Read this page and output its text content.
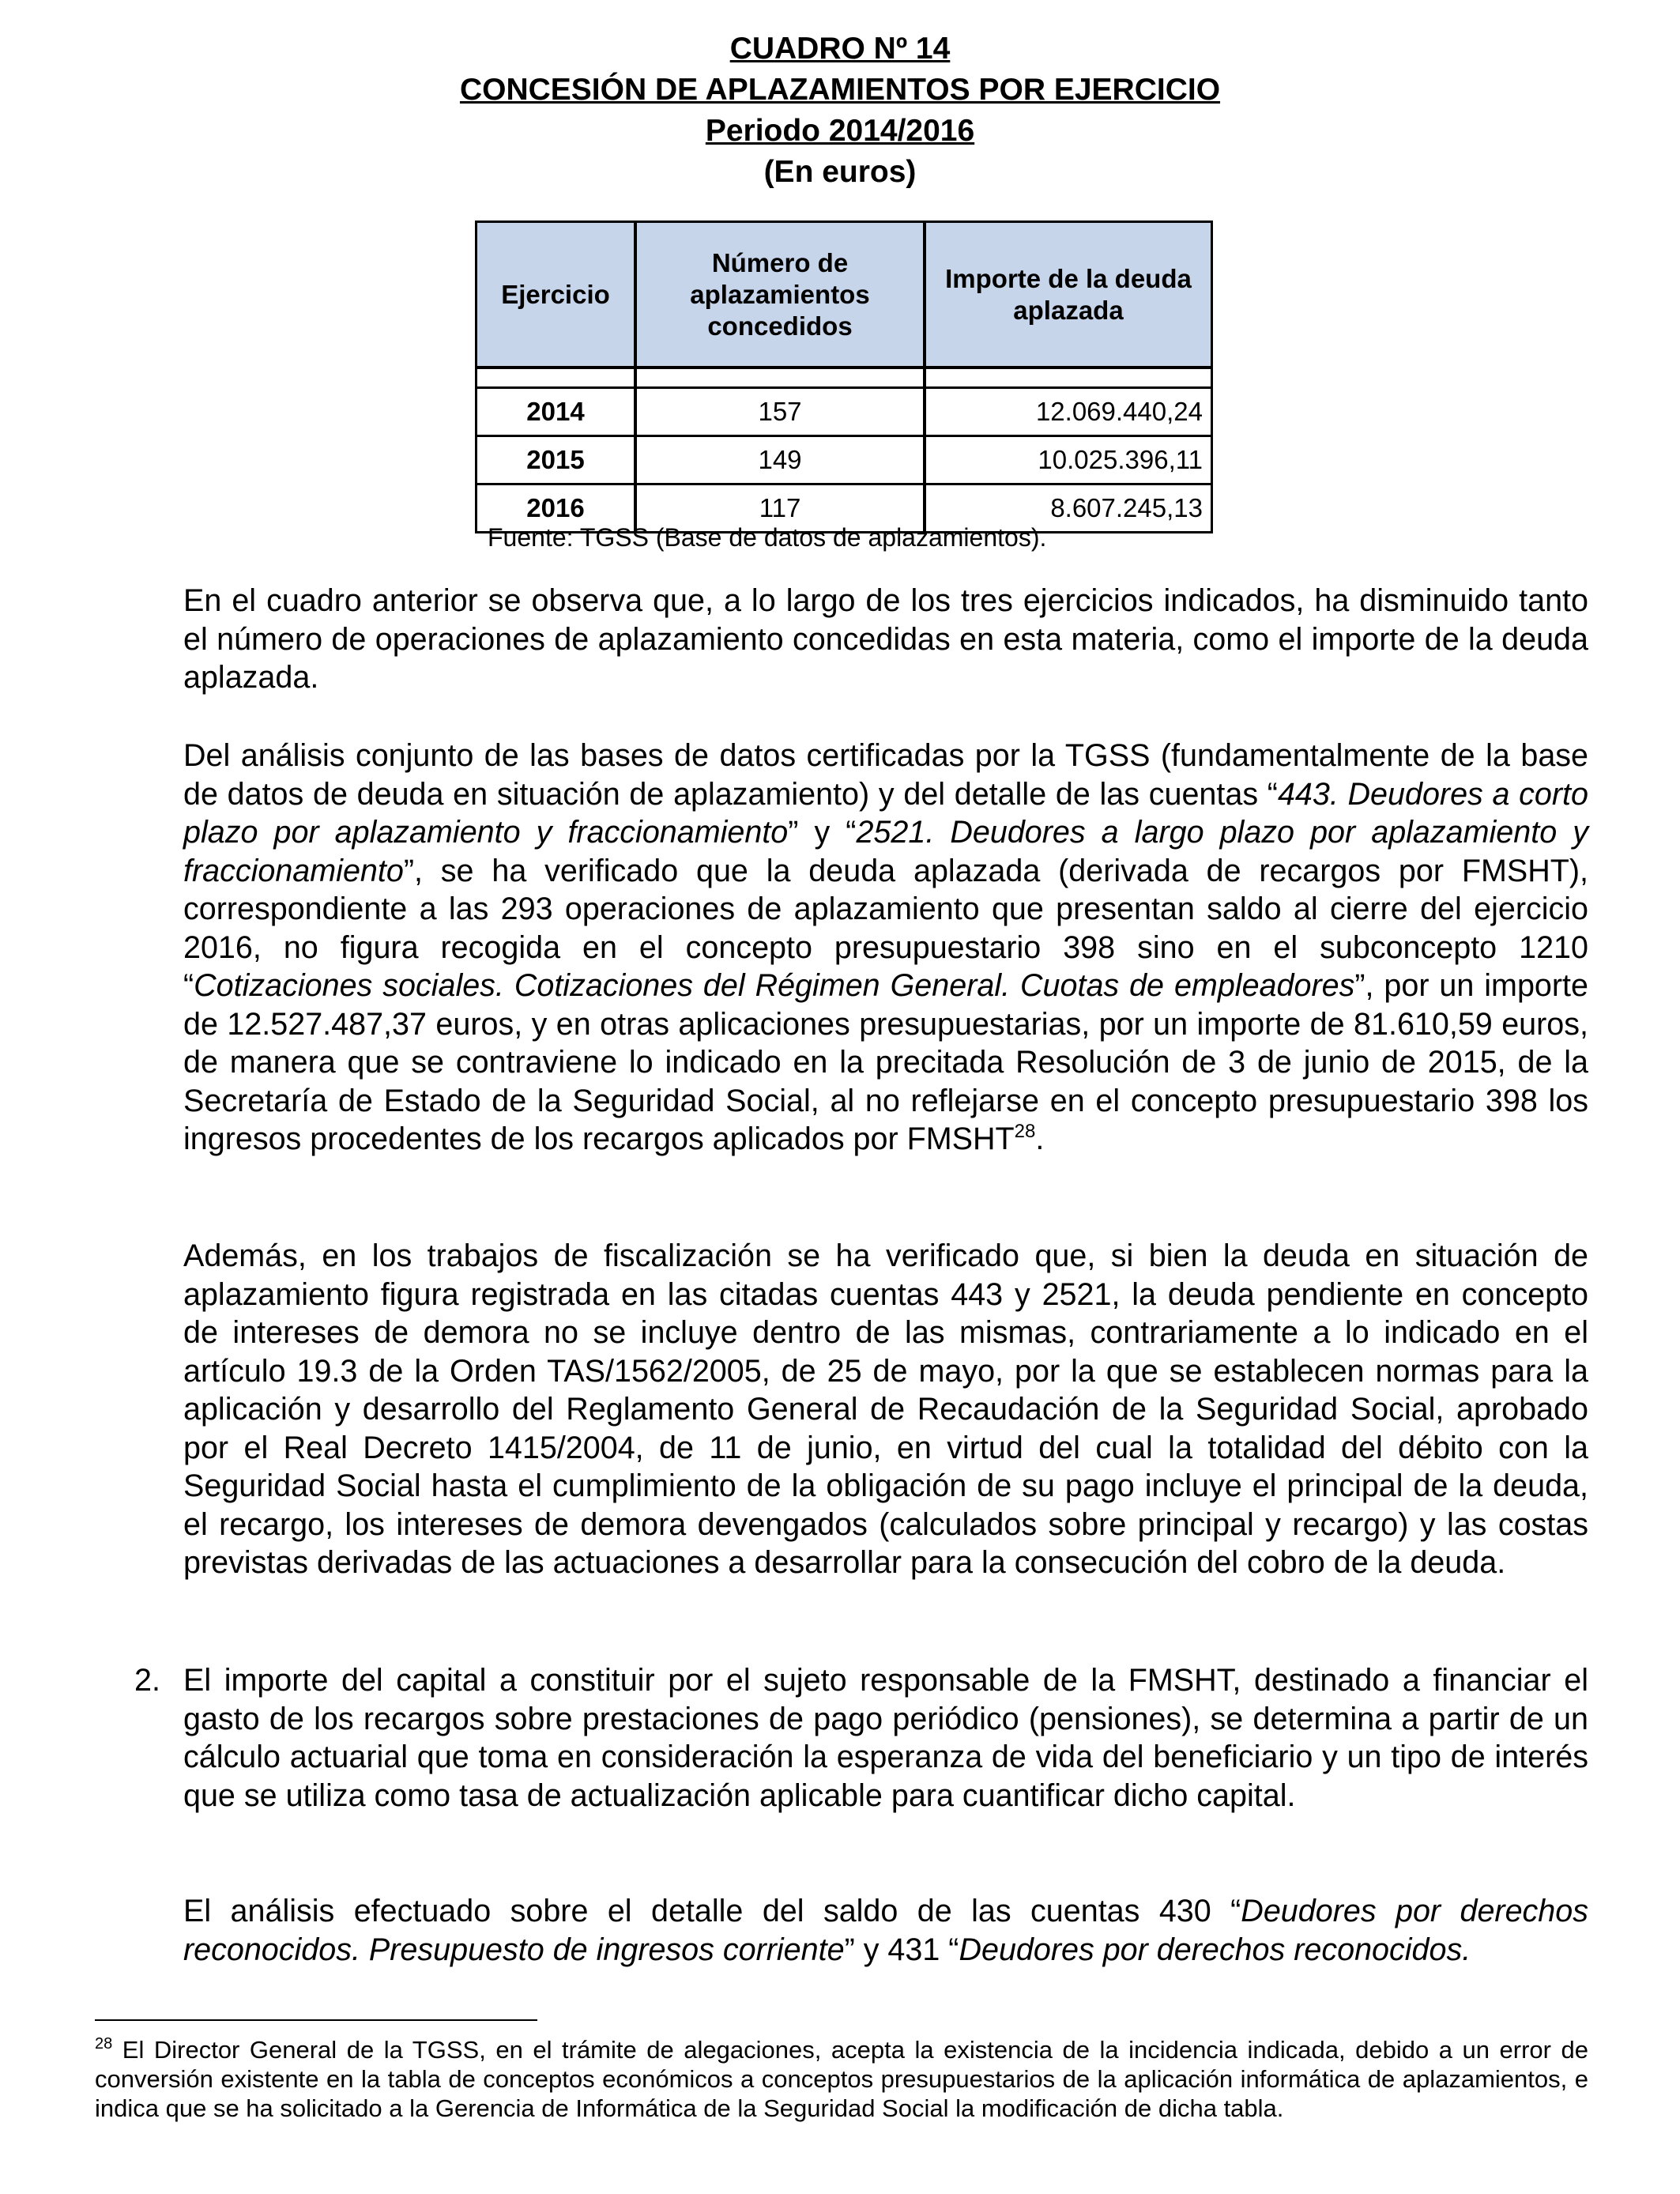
CUADRO Nº 14
CONCESIÓN DE APLAZAMIENTOS POR EJERCICIO
Periodo 2014/2016
(En euros)
Ejercicio	Número de aplazamientos concedidos	Importe de la deuda aplazada

2014	157	12.069.440,24
2015	149	10.025.396,11
2016	117	8.607.245,13
Fuente: TGSS (Base de datos de aplazamientos).

En el cuadro anterior se observa que, a lo largo de los tres ejercicios indicados, ha disminuido tanto el número de operaciones de aplazamiento concedidas en esta materia, como el importe de la deuda aplazada.

Del análisis conjunto de las bases de datos certificadas por la TGSS (fundamentalmente de la base de datos de deuda en situación de aplazamiento) y del detalle de las cuentas “443. Deudores a corto plazo por aplazamiento y fraccionamiento” y “2521. Deudores a largo plazo por aplazamiento y fraccionamiento”, se ha verificado que la deuda aplazada (derivada de recargos por FMSHT), correspondiente a las 293 operaciones de aplazamiento que presentan saldo al cierre del ejercicio 2016, no figura recogida en el concepto presupuestario 398 sino en el subconcepto 1210 “Cotizaciones sociales. Cotizaciones del Régimen General. Cuotas de empleadores”, por un importe de 12.527.487,37 euros, y en otras aplicaciones presupuestarias, por un importe de 81.610,59 euros, de manera que se contraviene lo indicado en la precitada Resolución de 3 de junio de 2015, de la Secretaría de Estado de la Seguridad Social, al no reflejarse en el concepto presupuestario 398 los ingresos procedentes de los recargos aplicados por FMSHT$^{28}$.

Además, en los trabajos de fiscalización se ha verificado que, si bien la deuda en situación de aplazamiento figura registrada en las citadas cuentas 443 y 2521, la deuda pendiente en concepto de intereses de demora no se incluye dentro de las mismas, contrariamente a lo indicado en el artículo 19.3 de la Orden TAS/1562/2005, de 25 de mayo, por la que se establecen normas para la aplicación y desarrollo del Reglamento General de Recaudación de la Seguridad Social, aprobado por el Real Decreto 1415/2004, de 11 de junio, en virtud del cual la totalidad del débito con la Seguridad Social hasta el cumplimiento de la obligación de su pago incluye el principal de la deuda, el recargo, los intereses de demora devengados (calculados sobre principal y recargo) y las costas previstas derivadas de las actuaciones a desarrollar para la consecución del cobro de la deuda.

2. El importe del capital a constituir por el sujeto responsable de la FMSHT, destinado a financiar el gasto de los recargos sobre prestaciones de pago periódico (pensiones), se determina a partir de un cálculo actuarial que toma en consideración la esperanza de vida del beneficiario y un tipo de interés que se utiliza como tasa de actualización aplicable para cuantificar dicho capital.

El análisis efectuado sobre el detalle del saldo de las cuentas 430 “Deudores por derechos reconocidos. Presupuesto de ingresos corriente” y 431 “Deudores por derechos reconocidos.

$^{28}$ El Director General de la TGSS, en el trámite de alegaciones, acepta la existencia de la incidencia indicada, debido a un error de conversión existente en la tabla de conceptos económicos a conceptos presupuestarios de la aplicación informática de aplazamientos, e indica que se ha solicitado a la Gerencia de Informática de la Seguridad Social la modificación de dicha tabla.
